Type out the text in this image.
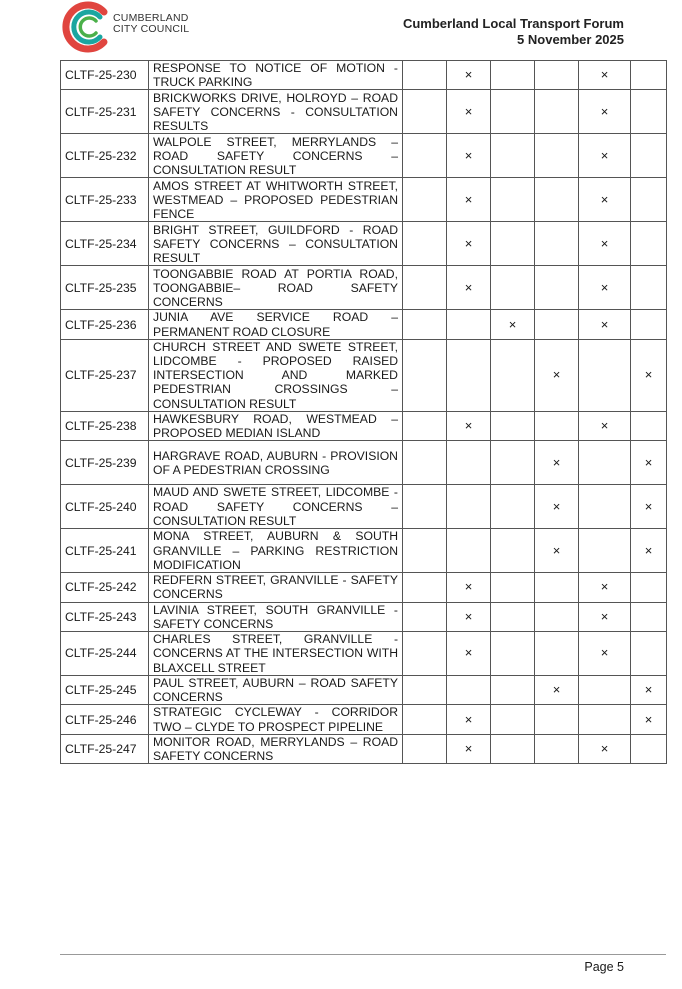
CUMBERLAND
CITY COUNCIL	Cumberland Local Transport Forum
5 November 2025
CLTF-25-230	RESPONSE TO NOTICE OF MOTION - TRUCK PARKING		×			×	
CLTF-25-231	BRICKWORKS DRIVE, HOLROYD – ROAD SAFETY CONCERNS - CONSULTATION RESULTS		×			×	
CLTF-25-232	WALPOLE STREET, MERRYLANDS – ROAD SAFETY CONCERNS – CONSULTATION RESULT		×			×	
CLTF-25-233	AMOS STREET AT WHITWORTH STREET, WESTMEAD – PROPOSED PEDESTRIAN FENCE		×			×	
CLTF-25-234	BRIGHT STREET, GUILDFORD - ROAD SAFETY CONCERNS – CONSULTATION RESULT		×			×	
CLTF-25-235	TOONGABBIE ROAD AT PORTIA ROAD, TOONGABBIE– ROAD SAFETY CONCERNS		×			×	
CLTF-25-236	JUNIA AVE SERVICE ROAD – PERMANENT ROAD CLOSURE			×		×	
CLTF-25-237	CHURCH STREET AND SWETE STREET, LIDCOMBE - PROPOSED RAISED INTERSECTION AND MARKED PEDESTRIAN CROSSINGS – CONSULTATION RESULT				×		×
CLTF-25-238	HAWKESBURY ROAD, WESTMEAD – PROPOSED MEDIAN ISLAND		×			×	
CLTF-25-239	HARGRAVE ROAD, AUBURN - PROVISION OF A PEDESTRIAN CROSSING				×		×
CLTF-25-240	MAUD AND SWETE STREET, LIDCOMBE - ROAD SAFETY CONCERNS – CONSULTATION RESULT				×		×
CLTF-25-241	MONA STREET, AUBURN & SOUTH GRANVILLE – PARKING RESTRICTION MODIFICATION				×		×
CLTF-25-242	REDFERN STREET, GRANVILLE - SAFETY CONCERNS		×			×	
CLTF-25-243	LAVINIA STREET, SOUTH GRANVILLE - SAFETY CONCERNS		×			×	
CLTF-25-244	CHARLES STREET, GRANVILLE - CONCERNS AT THE INTERSECTION WITH BLAXCELL STREET		×			×	
CLTF-25-245	PAUL STREET, AUBURN – ROAD SAFETY CONCERNS				×		×
CLTF-25-246	STRATEGIC CYCLEWAY - CORRIDOR TWO – CLYDE TO PROSPECT PIPELINE		×				×
CLTF-25-247	MONITOR ROAD, MERRYLANDS – ROAD SAFETY CONCERNS		×			×	
Page 5
